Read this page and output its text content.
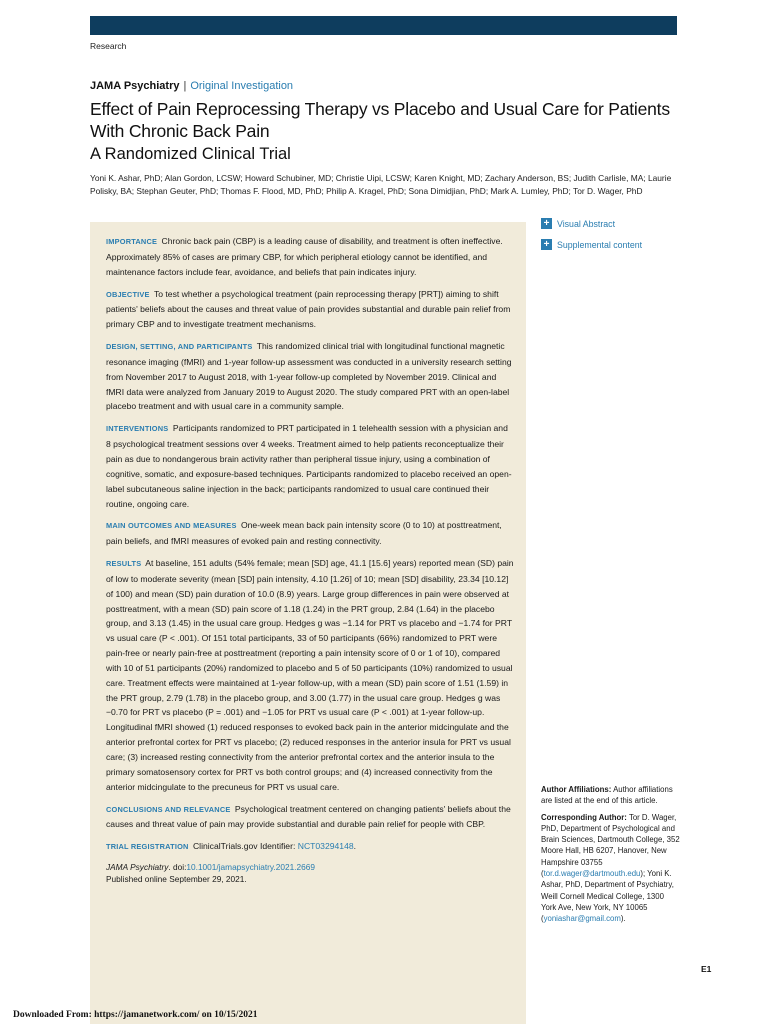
Research
JAMA Psychiatry | Original Investigation
Effect of Pain Reprocessing Therapy vs Placebo and Usual Care for Patients With Chronic Back Pain
A Randomized Clinical Trial
Yoni K. Ashar, PhD; Alan Gordon, LCSW; Howard Schubiner, MD; Christie Uipi, LCSW; Karen Knight, MD; Zachary Anderson, BS; Judith Carlisle, MA; Laurie Polisky, BA; Stephan Geuter, PhD; Thomas F. Flood, MD, PhD; Philip A. Kragel, PhD; Sona Dimidjian, PhD; Mark A. Lumley, PhD; Tor D. Wager, PhD

IMPORTANCE Chronic back pain (CBP) is a leading cause of disability, and treatment is often ineffective. Approximately 85% of cases are primary CBP, for which peripheral etiology cannot be identified, and maintenance factors include fear, avoidance, and beliefs that pain indicates injury.

OBJECTIVE To test whether a psychological treatment (pain reprocessing therapy [PRT]) aiming to shift patients' beliefs about the causes and threat value of pain provides substantial and durable pain relief from primary CBP and to investigate treatment mechanisms.

DESIGN, SETTING, AND PARTICIPANTS This randomized clinical trial with longitudinal functional magnetic resonance imaging (fMRI) and 1-year follow-up assessment was conducted in a university research setting from November 2017 to August 2018, with 1-year follow-up completed by November 2019. Clinical and fMRI data were analyzed from January 2019 to August 2020. The study compared PRT with an open-label placebo treatment and with usual care in a community sample.

INTERVENTIONS Participants randomized to PRT participated in 1 telehealth session with a physician and 8 psychological treatment sessions over 4 weeks. Treatment aimed to help patients reconceptualize their pain as due to nondangerous brain activity rather than peripheral tissue injury, using a combination of cognitive, somatic, and exposure-based techniques. Participants randomized to placebo received an open-label subcutaneous saline injection in the back; participants randomized to usual care continued their routine, ongoing care.

MAIN OUTCOMES AND MEASURES One-week mean back pain intensity score (0 to 10) at posttreatment, pain beliefs, and fMRI measures of evoked pain and resting connectivity.

RESULTS At baseline, 151 adults (54% female; mean [SD] age, 41.1 [15.6] years) reported mean (SD) pain of low to moderate severity (mean [SD] pain intensity, 4.10 [1.26] of 10; mean [SD] disability, 23.34 [10.12] of 100) and mean (SD) pain duration of 10.0 (8.9) years. Large group differences in pain were observed at posttreatment, with a mean (SD) pain score of 1.18 (1.24) in the PRT group, 2.84 (1.64) in the placebo group, and 3.13 (1.45) in the usual care group. Hedges g was −1.14 for PRT vs placebo and −1.74 for PRT vs usual care (P < .001). Of 151 total participants, 33 of 50 participants (66%) randomized to PRT were pain-free or nearly pain-free at posttreatment (reporting a pain intensity score of 0 or 1 of 10), compared with 10 of 51 participants (20%) randomized to placebo and 5 of 50 participants (10%) randomized to usual care. Treatment effects were maintained at 1-year follow-up, with a mean (SD) pain score of 1.51 (1.59) in the PRT group, 2.79 (1.78) in the placebo group, and 3.00 (1.77) in the usual care group. Hedges g was −0.70 for PRT vs placebo (P = .001) and −1.05 for PRT vs usual care (P < .001) at 1-year follow-up. Longitudinal fMRI showed (1) reduced responses to evoked back pain in the anterior midcingulate and the anterior prefrontal cortex for PRT vs placebo; (2) reduced responses in the anterior insula for PRT vs usual care; (3) increased resting connectivity from the anterior prefrontal cortex and the anterior insula to the primary somatosensory cortex for PRT vs both control groups; and (4) increased connectivity from the anterior midcingulate to the precuneus for PRT vs usual care.

CONCLUSIONS AND RELEVANCE Psychological treatment centered on changing patients' beliefs about the causes and threat value of pain may provide substantial and durable pain relief for people with CBP.

TRIAL REGISTRATION ClinicalTrials.gov Identifier: NCT03294148.

JAMA Psychiatry. doi:10.1001/jamapsychiatry.2021.2669
Published online September 29, 2021.
+ Visual Abstract
+ Supplemental content

Author Affiliations: Author affiliations are listed at the end of this article.

Corresponding Author: Tor D. Wager, PhD, Department of Psychological and Brain Sciences, Dartmouth College, 352 Moore Hall, HB 6207, Hanover, New Hampshire 03755 (tor.d.wager@dartmouth.edu); Yoni K. Ashar, PhD, Department of Psychiatry, Weill Cornell Medical College, 1300 York Ave, New York, NY 10065 (yoniashar@gmail.com).

E1
Downloaded From: https://jamanetwork.com/ on 10/15/2021
